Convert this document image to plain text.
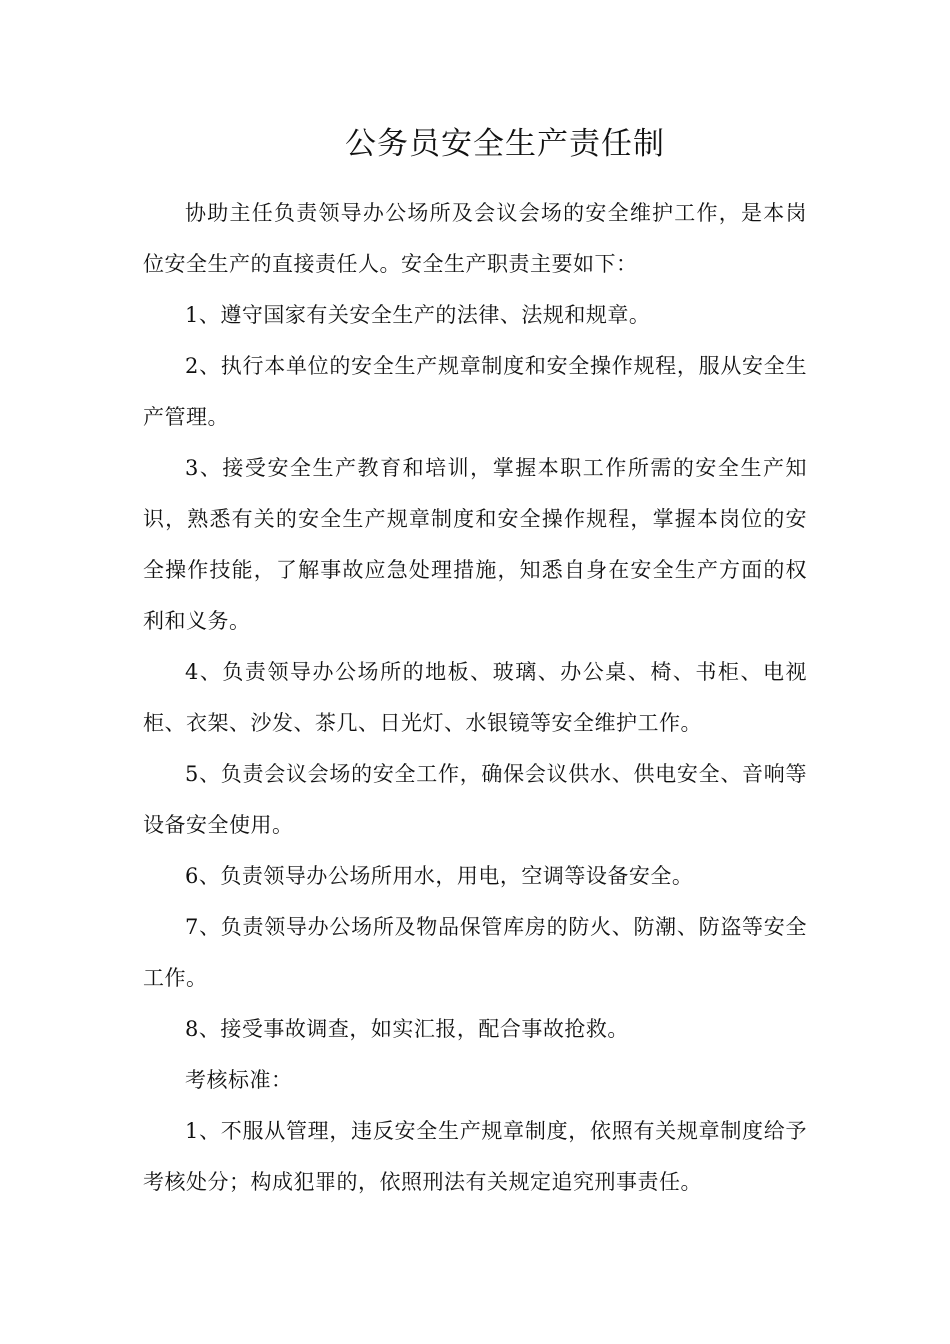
公务员安全生产责任制

协助主任负责领导办公场所及会议会场的安全维护工作，是本岗位安全生产的直接责任人。安全生产职责主要如下：

1、遵守国家有关安全生产的法律、法规和规章。

2、执行本单位的安全生产规章制度和安全操作规程，服从安全生产管理。

3、接受安全生产教育和培训，掌握本职工作所需的安全生产知识，熟悉有关的安全生产规章制度和安全操作规程，掌握本岗位的安全操作技能，了解事故应急处理措施，知悉自身在安全生产方面的权利和义务。

4、负责领导办公场所的地板、玻璃、办公桌、椅、书柜、电视柜、衣架、沙发、茶几、日光灯、水银镜等安全维护工作。

5、负责会议会场的安全工作，确保会议供水、供电安全、音响等设备安全使用。

6、负责领导办公场所用水，用电，空调等设备安全。

7、负责领导办公场所及物品保管库房的防火、防潮、防盗等安全工作。

8、接受事故调查，如实汇报，配合事故抢救。

考核标准：

1、不服从管理，违反安全生产规章制度，依照有关规章制度给予考核处分；构成犯罪的，依照刑法有关规定追究刑事责任。
